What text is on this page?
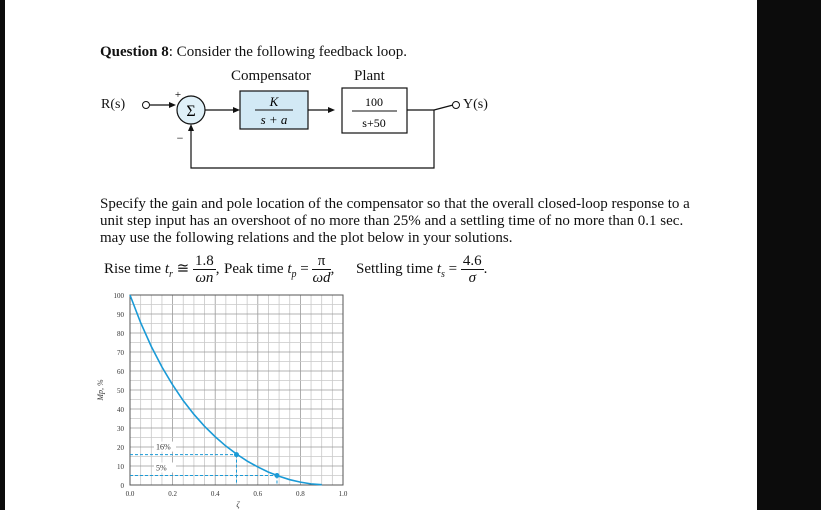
Question 8: Consider the following feedback loop.
Compensator	Plant
R(s)	Y(s)
Σ
+
−
K
s + a
100
s+50
Specify the gain and pole location of the compensator so that the overall closed-loop response to a unit step input has an overshoot of no more than 25% and a settling time of no more than 0.1 sec. may use the following relations and the plot below in your solutions.
Rise time $t_r$ ≅ $\frac{1.8}{\omega n}$ , Peak time $t_p = \frac{\pi}{\omega d}$ , Settling time $t_s = \frac{4.6}{\sigma}$ .
16%
5%
0
10
20
30
40
50
60
70
80
90
100
0.0	0.2	0.4	0.6	0.8	1.0
ζ
Mp, %
